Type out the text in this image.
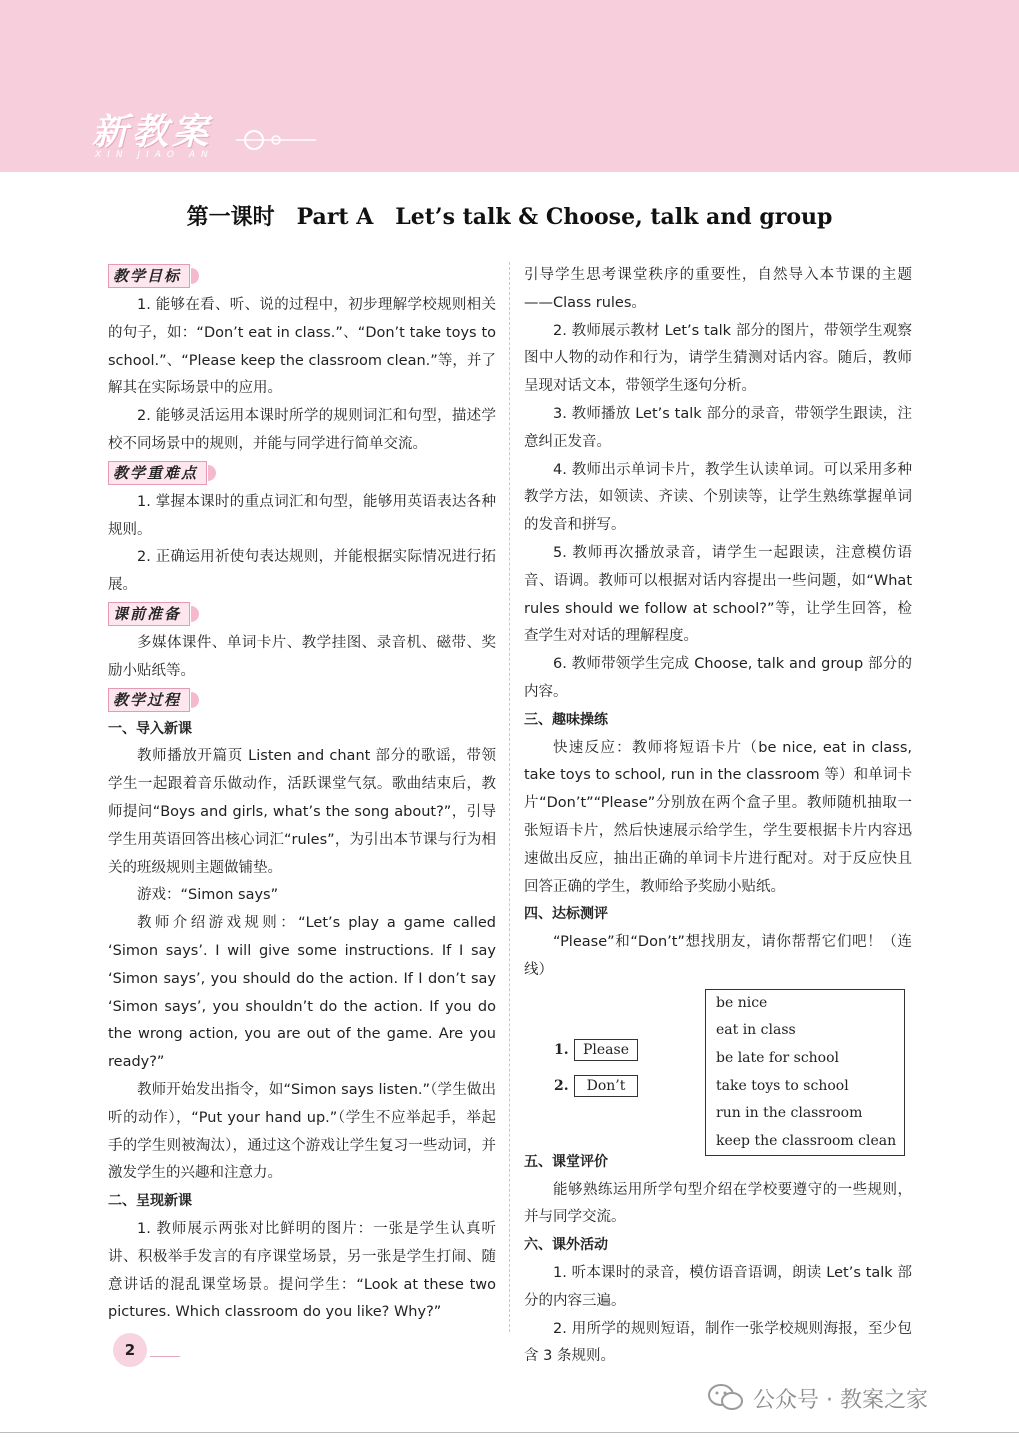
新教案
XIN JIAO AN
第一课时　Part A　Let’s talk & Choose, talk and group
教学目标

1. 能够在看、听、说的过程中，初步理解学校规则相关的句子，如：“Don’t eat in class.”、“Don’t take toys to school.”、“Please keep the classroom clean.”等，并了解其在实际场景中的应用。

2. 能够灵活运用本课时所学的规则词汇和句型，描述学校不同场景中的规则，并能与同学进行简单交流。

教学重难点

1. 掌握本课时的重点词汇和句型，能够用英语表达各种规则。

2. 正确运用祈使句表达规则，并能根据实际情况进行拓展。

课前准备

多媒体课件、单词卡片、教学挂图、录音机、磁带、奖励小贴纸等。

教学过程

一、导入新课

教师播放开篇页 Listen and chant 部分的歌谣，带领学生一起跟着音乐做动作，活跃课堂气氛。歌曲结束后，教师提问“Boys and girls, what’s the song about?”，引导学生用英语回答出核心词汇“rules”，为引出本节课与行为相关的班级规则主题做铺垫。

游戏：“Simon says”

教师介绍游戏规则：“Let’s play a game called ‘Simon says’. I will give some instructions. If I say ‘Simon says’, you should do the action. If I don’t say ‘Simon says’, you shouldn’t do the action. If you do the wrong action, you are out of the game. Are you ready?”

教师开始发出指令，如“Simon says listen.”（学生做出听的动作），“Put your hand up.”（学生不应举起手，举起手的学生则被淘汰），通过这个游戏让学生复习一些动词，并激发学生的兴趣和注意力。

二、呈现新课

1. 教师展示两张对比鲜明的图片：一张是学生认真听讲、积极举手发言的有序课堂场景，另一张是学生打闹、随意讲话的混乱课堂场景。提问学生：“Look at these two pictures. Which classroom do you like? Why?”

引导学生思考课堂秩序的重要性，自然导入本节课的主题——Class rules。

2. 教师展示教材 Let’s talk 部分的图片，带领学生观察图中人物的动作和行为，请学生猜测对话内容。随后，教师呈现对话文本，带领学生逐句分析。

3. 教师播放 Let’s talk 部分的录音，带领学生跟读，注意纠正发音。

4. 教师出示单词卡片，教学生认读单词。可以采用多种教学方法，如领读、齐读、个别读等，让学生熟练掌握单词的发音和拼写。

5. 教师再次播放录音，请学生一起跟读，注意模仿语音、语调。教师可以根据对话内容提出一些问题，如“What rules should we follow at school?”等，让学生回答，检查学生对对话的理解程度。

6. 教师带领学生完成 Choose, talk and group 部分的内容。

三、趣味操练

快速反应：教师将短语卡片（be nice, eat in class, take toys to school, run in the classroom 等）和单词卡片“Don’t”“Please”分别放在两个盒子里。教师随机抽取一张短语卡片，然后快速展示给学生，学生要根据卡片内容迅速做出反应，抽出正确的单词卡片进行配对。对于反应快且回答正确的学生，教师给予奖励小贴纸。

四、达标测评

“Please”和“Don’t”想找朋友，请你帮帮它们吧！（连线）

1. Please
2. Don’t
be nice
eat in class
be late for school
take toys to school
run in the classroom
keep the classroom clean

五、课堂评价

能够熟练运用所学句型介绍在学校要遵守的一些规则，并与同学交流。

六、课外活动

1. 听本课时的录音，模仿语音语调，朗读 Let’s talk 部分的内容三遍。

2. 用所学的规则短语，制作一张学校规则海报，至少包含 3 条规则。

2
公众号 · 教案之家
